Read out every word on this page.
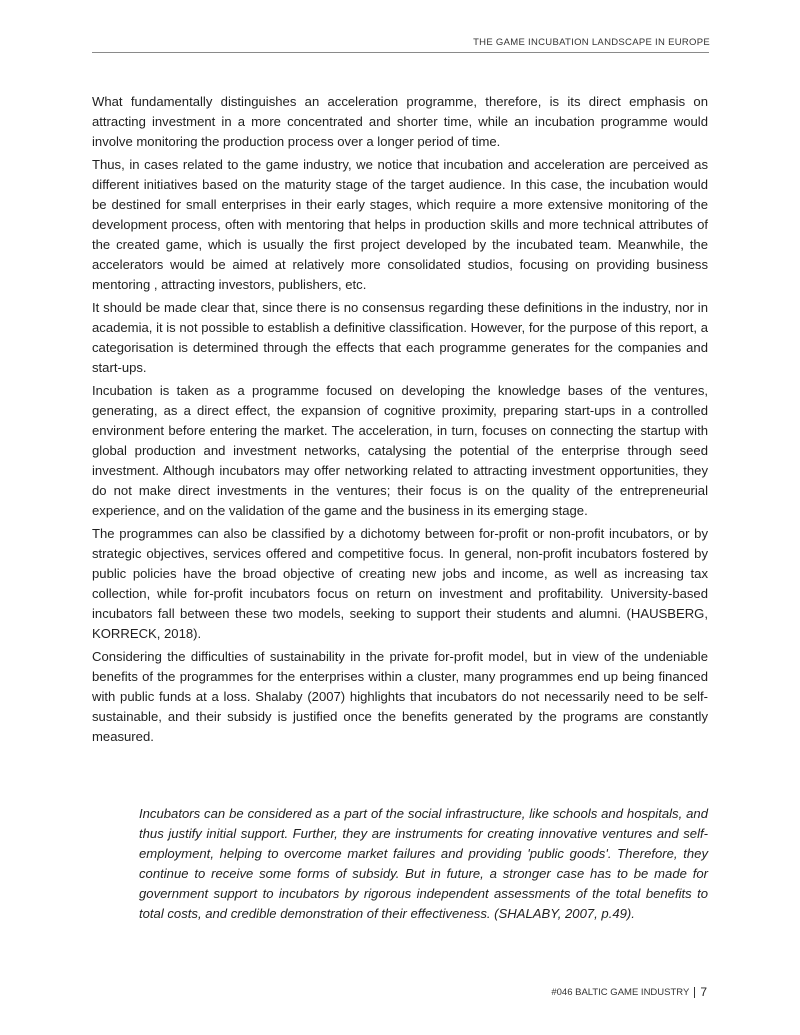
THE GAME INCUBATION LANDSCAPE IN EUROPE

What fundamentally distinguishes an acceleration programme, therefore, is its direct emphasis on attracting investment in a more concentrated and shorter time, while an incubation programme would involve monitoring the production process over a longer period of time.

Thus, in cases related to the game industry, we notice that incubation and acceleration are perceived as different initiatives based on the maturity stage of the target audience. In this case, the incubation would be destined for small enterprises in their early stages, which require a more extensive monitoring of the development process, often with mentoring that helps in production skills and more technical attributes of the created game, which is usually the first project developed by the incubated team. Meanwhile, the accelerators would be aimed at relatively more consolidated studios, focusing on providing business mentoring , attracting investors, publishers, etc.

It should be made clear that, since there is no consensus regarding these definitions in the industry, nor in academia, it is not possible to establish a definitive classification. However, for the purpose of this report, a categorisation is determined through the effects that each programme generates for the companies and start-ups.

Incubation is taken as a programme focused on developing the knowledge bases of the ventures, generating, as a direct effect, the expansion of cognitive proximity, preparing start-ups in a controlled environment before entering the market. The acceleration, in turn, focuses on connecting the startup with global production and investment networks, catalysing the potential of the enterprise through seed investment. Although incubators may offer networking related to attracting investment opportunities, they do not make direct investments in the ventures; their focus is on the quality of the entrepreneurial experience, and on the validation of the game and the business in its emerging stage.

The programmes can also be classified by a dichotomy between for-profit or non-profit incubators, or by strategic objectives, services offered and competitive focus. In general, non-profit incubators fostered by public policies have the broad objective of creating new jobs and income, as well as increasing tax collection, while for-profit incubators focus on return on investment and profitability. University-based incubators fall between these two models, seeking to support their students and alumni. (HAUSBERG, KORRECK, 2018).

Considering the difficulties of sustainability in the private for-profit model, but in view of the undeniable benefits of the programmes for the enterprises within a cluster, many programmes end up being financed with public funds at a loss. Shalaby (2007) highlights that incubators do not necessarily need to be self-sustainable, and their subsidy is justified once the benefits generated by the programs are constantly measured.

Incubators can be considered as a part of the social infrastructure, like schools and hospitals, and thus justify initial support. Further, they are instruments for creating innovative ventures and self-employment, helping to overcome market failures and providing 'public goods'. Therefore, they continue to receive some forms of subsidy. But in future, a stronger case has to be made for government support to incubators by rigorous independent assessments of the total benefits to total costs, and credible demonstration of their effectiveness. (SHALABY, 2007, p.49).

#046 BALTIC GAME INDUSTRY 7
